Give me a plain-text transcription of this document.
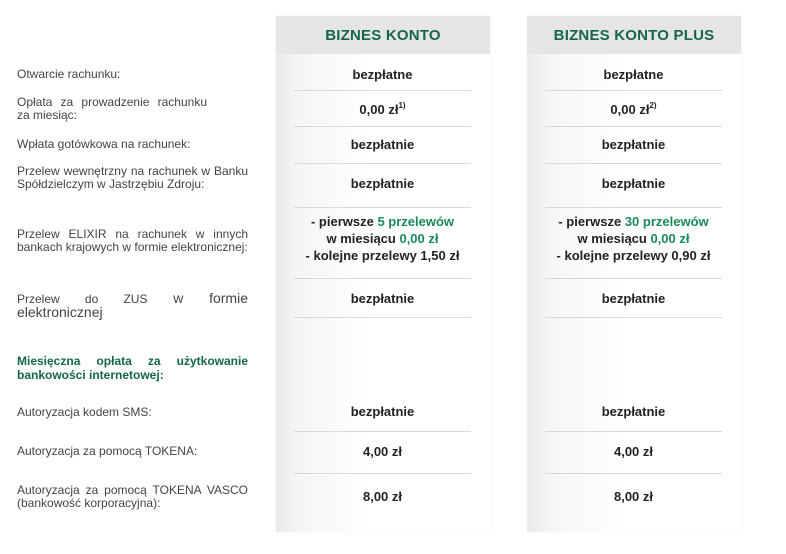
Otwarcie rachunku:
Opłata za prowadzenie rachunku za miesiąc:
Wpłata gotówkowa na rachunek:
Przelew wewnętrzny na rachunek w Banku Spółdzielczym w Jastrzębiu Zdroju:
Przelew ELIXIR na rachunek w innych bankach krajowych w formie elektronicznej:
Przelew do ZUS w formie elektronicznej
Miesięczna opłata za użytkowanie bankowości internetowej:
Autoryzacja kodem SMS:
Autoryzacja za pomocą TOKENA:
Autoryzacja za pomocą TOKENA VASCO (bankowość korporacyjna):
BIZNES KONTO
bezpłatne
0,00 $zł^{1)}$
bezpłatnie
bezpłatnie
- pierwsze 5 przelewów
w miesiącu 0,00 zł
- kolejne przelewy 1,50 zł
bezpłatnie
bezpłatnie
4,00 zł
8,00 zł
BIZNES KONTO PLUS
bezpłatne
0,00 $zł^{2)}$
bezpłatnie
bezpłatnie
- pierwsze 30 przelewów
w miesiącu 0,00 zł
- kolejne przelewy 0,90 zł
bezpłatnie
bezpłatnie
4,00 zł
8,00 zł
